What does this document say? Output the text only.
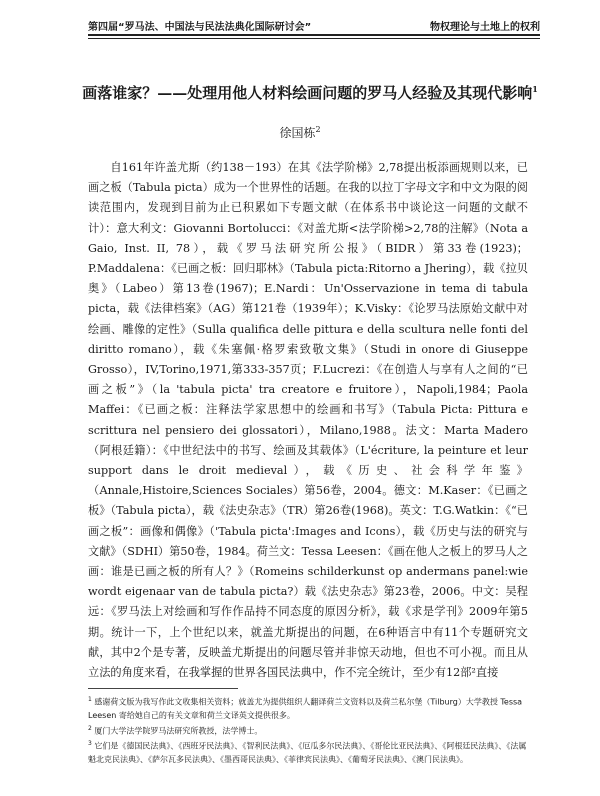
第四届“罗马法、中国法与民法法典化国际研讨会”	物权理论与土地上的权利
画落谁家？——处理用他人材料绘画问题的罗马人经验及其现代影响$^1$
徐国栋$^2$

自161年许盖尤斯（约138－193）在其《法学阶梯》2,78提出板添画规则以来，已画之板（Tabula picta）成为一个世界性的话题。在我的以拉丁字母文字和中文为限的阅读范围内，发现到目前为止已积累如下专题文献（在体系书中谈论这一问题的文献不计）：意大利文：Giovanni Bortolucci：《对盖尤斯<法学阶梯>2,78的注解》（Nota a Gaio, Inst. II, 78），载《罗马法研究所公报》（BIDR）第33卷(1923)；P.Maddalena：《已画之板：回归耶林》（Tabula picta:Ritorno a Jhering），载《拉贝奥》（Labeo）第13卷(1967)；E.Nardi：Un'Osservazione in tema di tabula picta，载《法律档案》（AG）第121卷（1939年）；K.Visky：《论罗马法原始文献中对绘画、雕像的定性》（Sulla qualifica delle pittura e della scultura nelle fonti del diritto romano），载《朱塞佩·格罗索致敬文集》（Studi in onore di Giuseppe Grosso），IV,Torino,1971,第333-357页；F.Lucrezi：《在创造人与享有人之间的“已画之板”》（la 'tabula picta' tra creatore e fruitore），Napoli,1984；Paola Maffei：《已画之板：注释法学家思想中的绘画和书写》（Tabula Picta: Pittura e scrittura nel pensiero dei glossatori），Milano,1988。法文：Marta Madero（阿根廷籍）：《中世纪法中的书写、绘画及其载体》（L'écriture, la peinture et leur support dans le droit medieval），载《历史、社会科学年鉴》（Annale,Histoire,Sciences Sociales）第56卷，2004。德文：M.Kaser：《已画之板》（Tabula picta），载《法史杂志》（TR）第26卷(1968)。英文：T.G.Watkin：《“已画之板”：画像和偶像》（'Tabula picta':Images and Icons），载《历史与法的研究与文献》（SDHI）第50卷，1984。荷兰文：Tessa Leesen：《画在他人之板上的罗马人之画：谁是已画之板的所有人？》（Romeins schilderkunst op andermans panel:wie wordt eigenaar van de tabula picta?）载《法史杂志》第23卷，2006。中文：吴程远：《罗马法上对绘画和写作作品持不同态度的原因分析》，载《求是学刊》2009年第5期。统计一下，上个世纪以来，就盖尤斯提出的问题，在6种语言中有11个专题研究文献，其中2个是专著，反映盖尤斯提出的问题尽管并非惊天动地，但也不可小视。而且从立法的角度来看，在我掌握的世界各国民法典中，作不完全统计，至少有12部²直接

$^1$ 感谢荷文版为我写作此文收集相关资料；就盖尤为提供组织人翻译荷兰文资料以及荷兰私尔堡（Tilburg）大学教授 Tessa Leesen 寄给她自己的有关文章和荷兰文译英文提供很多。

$^2$ 厦门大学法学院罗马法研究所教授，法学博士。

$^3$ 它们是《德国民法典》、《西班牙民法典》、《智利民法典》、《厄瓜多尔民法典》、《哥伦比亚民法典》、《阿根廷民法典》、《法属魁北克民法典》、《萨尔瓦多民法典》、《墨西哥民法典》、《菲律宾民法典》、《葡萄牙民法典》、《澳门民法典》。
